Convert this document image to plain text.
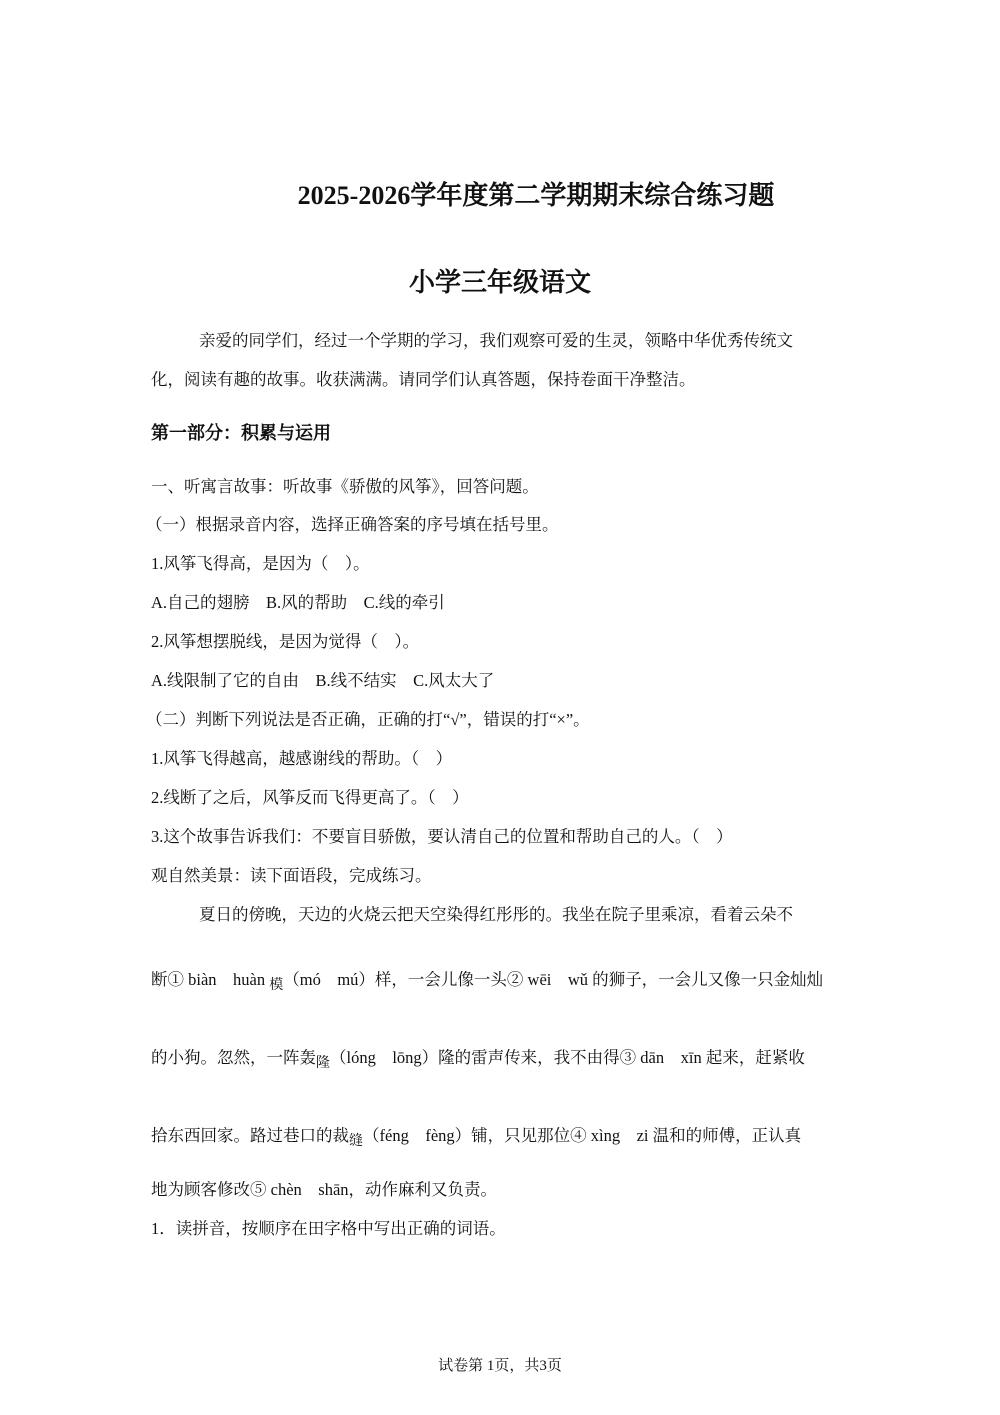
2025-2026学年度第二学期期末综合练习题
小学三年级语文
亲爱的同学们，经过一个学期的学习，我们观察可爱的生灵，领略中华优秀传统文
化，阅读有趣的故事。收获满满。请同学们认真答题，保持卷面干净整洁。
第一部分：积累与运用
一、听寓言故事：听故事《骄傲的风筝》，回答问题。
（一）根据录音内容，选择正确答案的序号填在括号里。
1.风筝飞得高，是因为（　）。
A.自己的翅膀　B.风的帮助　C.线的牵引
2.风筝想摆脱线，是因为觉得（　）。
A.线限制了它的自由　B.线不结实　C.风太大了
（二）判断下列说法是否正确，正确的打“√”，错误的打“×”。
1.风筝飞得越高，越感谢线的帮助。（　）
2.线断了之后，风筝反而飞得更高了。（　）
3.这个故事告诉我们：不要盲目骄傲，要认清自己的位置和帮助自己的人。（　）
观自然美景：读下面语段，完成练习。
夏日的傍晚，天边的火烧云把天空染得红彤彤的。我坐在院子里乘凉，看着云朵不
断① biàn　huàn $_模$（mó　mú）样，一会儿像一头② wēi　wǔ 的狮子，一会儿又像一只金灿灿
的小狗。忽然，一阵轰$_隆$（lóng　lōng）隆的雷声传来，我不由得③ dān　xīn 起来，赶紧收
拾东西回家。路过巷口的裁$_缝$（féng　fèng）铺，只见那位④ xìng　zi 温和的师傅，正认真
地为顾客修改⑤ chèn　shān，动作麻利又负责。
1．读拼音，按顺序在田字格中写出正确的词语。
试卷第 1页，共3页
